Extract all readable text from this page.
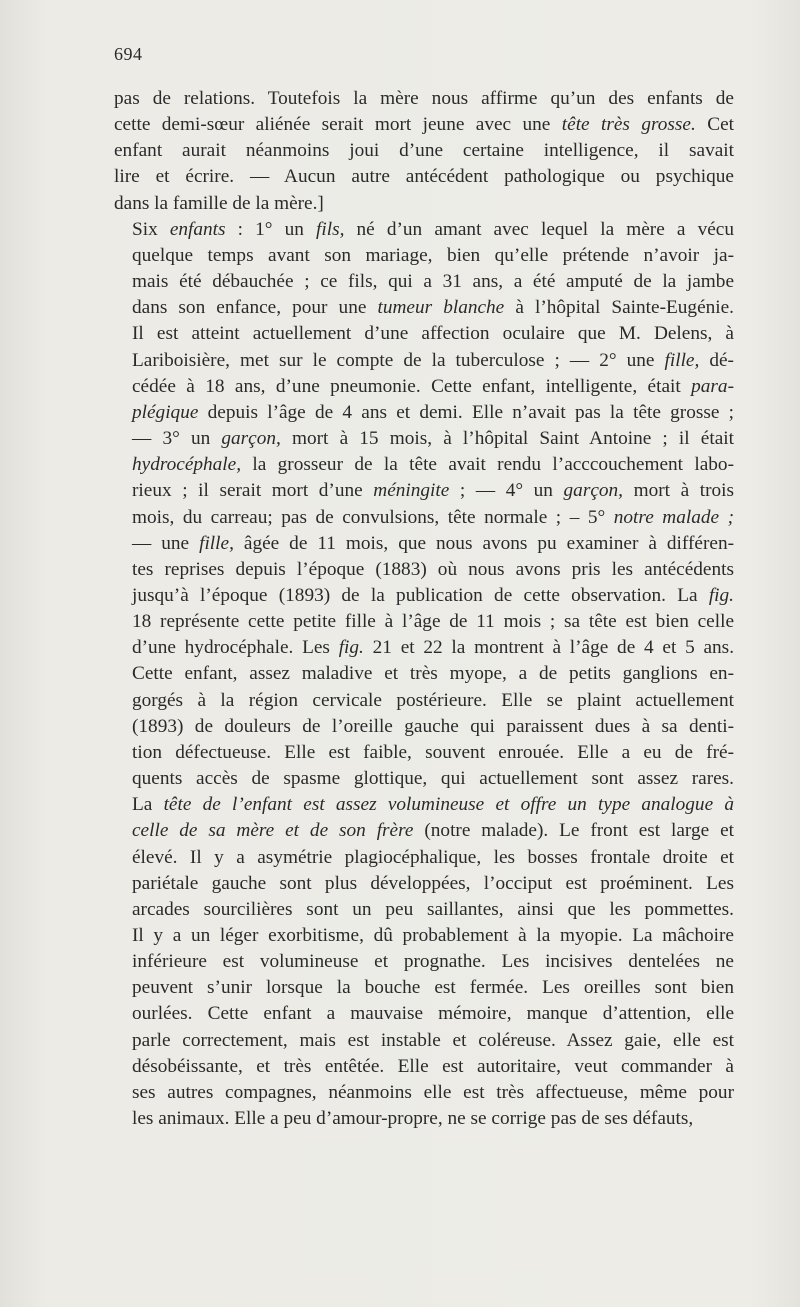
694

pas de relations. Toutefois la mère nous affirme qu’un des enfants de
cette demi-sœur aliénée serait mort jeune avec une tête très grosse. Cet
enfant aurait néanmoins joui d’une certaine intelligence, il savait
lire et écrire. — Aucun autre antécédent pathologique ou psychique
dans la famille de la mère.]

Six enfants : 1° un fils, né d’un amant avec lequel la mère a vécu
quelque temps avant son mariage, bien qu’elle prétende n’avoir ja-
mais été débauchée ; ce fils, qui a 31 ans, a été amputé de la jambe
dans son enfance, pour une tumeur blanche à l’hôpital Sainte-Eugénie.
Il est atteint actuellement d’une affection oculaire que M. Delens, à
Lariboisière, met sur le compte de la tuberculose ; — 2° une fille, dé-
cédée à 18 ans, d’une pneumonie. Cette enfant, intelligente, était para-
plégique depuis l’âge de 4 ans et demi. Elle n’avait pas la tête grosse ;
— 3° un garçon, mort à 15 mois, à l’hôpital Saint Antoine ; il était
hydrocéphale, la grosseur de la tête avait rendu l’acccouchement labo-
rieux ; il serait mort d’une méningite ; — 4° un garçon, mort à trois
mois, du carreau; pas de convulsions, tête normale ; – 5° notre malade ;
— une fille, âgée de 11 mois, que nous avons pu examiner à différen-
tes reprises depuis l’époque (1883) où nous avons pris les antécédents
jusqu’à l’époque (1893) de la publication de cette observation. La fig.
18 représente cette petite fille à l’âge de 11 mois ; sa tête est bien celle
d’une hydrocéphale. Les fig. 21 et 22 la montrent à l’âge de 4 et 5 ans.
Cette enfant, assez maladive et très myope, a de petits ganglions en-
gorgés à la région cervicale postérieure. Elle se plaint actuellement
(1893) de douleurs de l’oreille gauche qui paraissent dues à sa denti-
tion défectueuse. Elle est faible, souvent enrouée. Elle a eu de fré-
quents accès de spasme glottique, qui actuellement sont assez rares.
La tête de l’enfant est assez volumineuse et offre un type analogue à
celle de sa mère et de son frère (notre malade). Le front est large et
élevé. Il y a asymétrie plagiocéphalique, les bosses frontale droite et
pariétale gauche sont plus développées, l’occiput est proéminent. Les
arcades sourcilières sont un peu saillantes, ainsi que les pommettes.
Il y a un léger exorbitisme, dû probablement à la myopie. La mâchoire
inférieure est volumineuse et prognathe. Les incisives dentelées ne
peuvent s’unir lorsque la bouche est fermée. Les oreilles sont bien
ourlées. Cette enfant a mauvaise mémoire, manque d’attention, elle
parle correctement, mais est instable et coléreuse. Assez gaie, elle est
désobéissante, et très entêtée. Elle est autoritaire, veut commander à
ses autres compagnes, néanmoins elle est très affectueuse, même pour
les animaux. Elle a peu d’amour-propre, ne se corrige pas de ses défauts,
